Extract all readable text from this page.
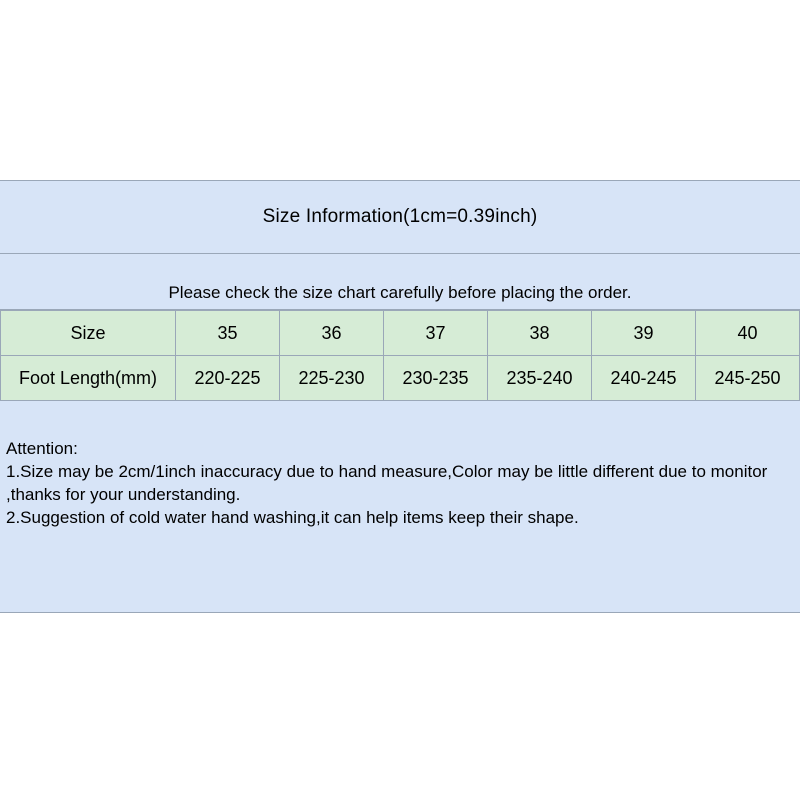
Size Information(1cm=0.39inch)
Please check the size chart carefully before placing the order.
Size	35	36	37	38	39	40
Foot Length(mm)	220-225	225-230	230-235	235-240	240-245	245-250
Attention:
1.Size may be 2cm/1inch inaccuracy due to hand measure,Color may be little different due to monitor ,thanks for your understanding.
2.Suggestion of cold water hand washing,it can help items keep their shape.
